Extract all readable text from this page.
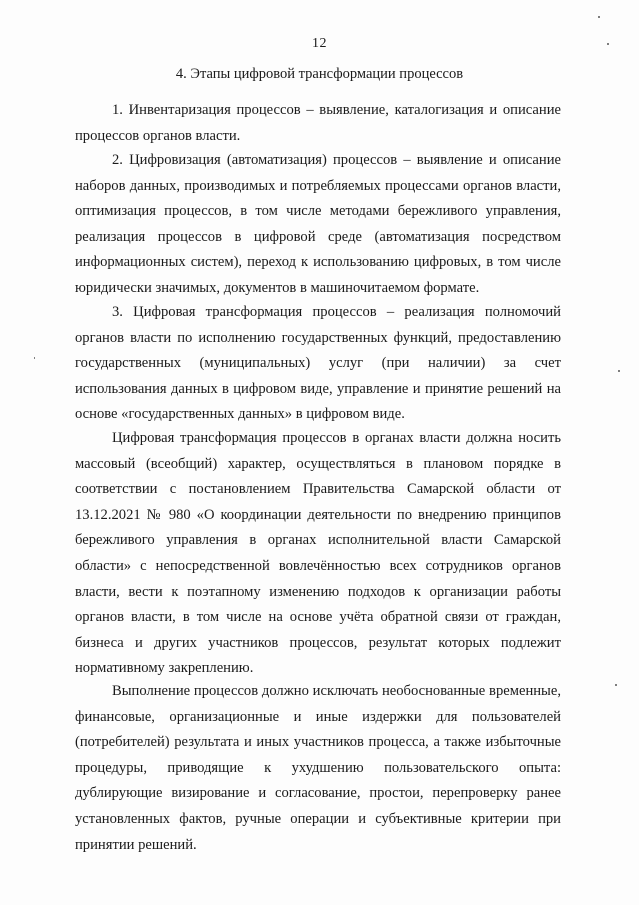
12
4. Этапы цифровой трансформации процессов

1. Инвентаризация процессов – выявление, каталогизация и описание процессов органов власти.

2. Цифровизация (автоматизация) процессов – выявление и описание наборов данных, производимых и потребляемых процессами органов власти, оптимизация процессов, в том числе методами бережливого управления, реализация процессов в цифровой среде (автоматизация посредством информационных систем), переход к использованию цифровых, в том числе юридически значимых, документов в машиночитаемом формате.

3. Цифровая трансформация процессов – реализация полномочий органов власти по исполнению государственных функций, предоставлению государственных (муниципальных) услуг (при наличии) за счет использования данных в цифровом виде, управление и принятие решений на основе «государственных данных» в цифровом виде.

Цифровая трансформация процессов в органах власти должна носить массовый (всеобщий) характер, осуществляться в плановом порядке в соответствии с постановлением Правительства Самарской области от 13.12.2021 № 980 «О координации деятельности по внедрению принципов бережливого управления в органах исполнительной власти Самарской области» с непосредственной вовлечённостью всех сотрудников органов власти, вести к поэтапному изменению подходов к организации работы органов власти, в том числе на основе учёта обратной связи от граждан, бизнеса и других участников процессов, результат которых подлежит нормативному закреплению.

Выполнение процессов должно исключать необоснованные временные, финансовые, организационные и иные издержки для пользователей (потребителей) результата и иных участников процесса, а также избыточные процедуры, приводящие к ухудшению пользовательского опыта: дублирующие визирование и согласование, простои, перепроверку ранее установленных фактов, ручные операции и субъективные критерии при принятии решений.
